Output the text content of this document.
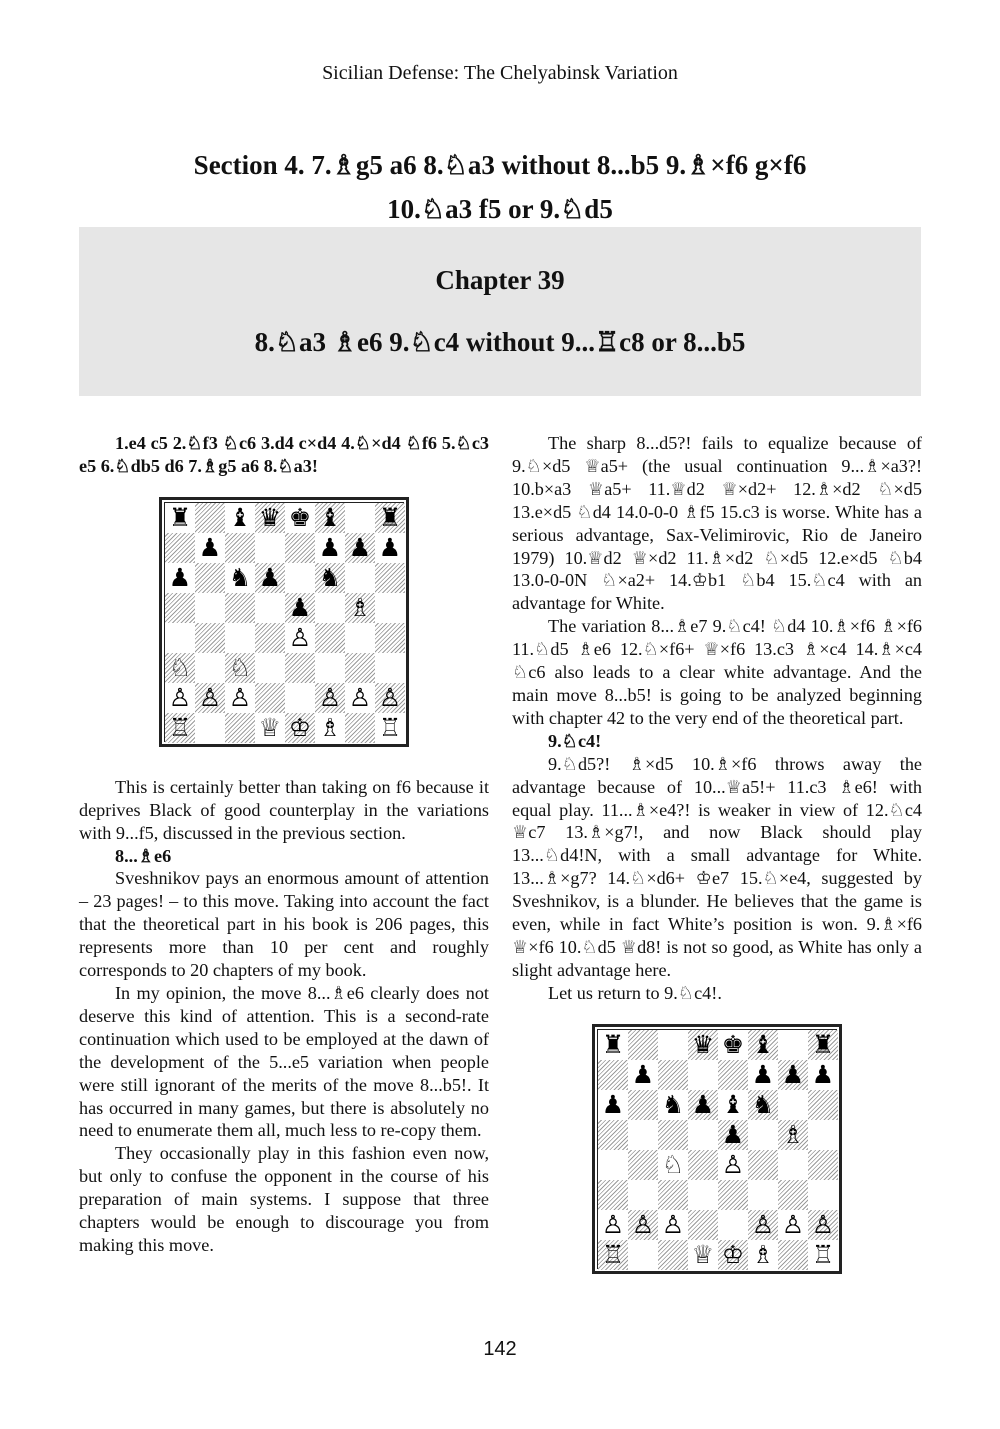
Sicilian Defense: The Chelyabinsk Variation
Section 4. 7.♗g5 a6 8.♘a3 without 8...b5 9.♗×f6 g×f6
10.♘a3 f5 or 9.♘d5
Chapter 39
8.♘a3 ♗e6 9.♘c4 without 9...♖c8 or 8...b5

1.e4 c5 2.♘f3 ♘c6 3.d4 c×d4 4.♘×d4 ♘f6 5.♘c3 e5 6.♘db5 d6 7.♗g5 a6 8.♘a3!

♜ ♝ ♛ ♚ ♝ ♜
♟	♟ ♟ ♟
♟ ♞ ♟ ♞
♟ ♗
♙
♘ ♘
♙ ♙ ♙	♙ ♙ ♙
♖	♕ ♔ ♗ ♖

This is certainly better than taking on f6 because it deprives Black of good counterplay in the variations with 9...f5, discussed in the previous section.

8...♗e6

Sveshnikov pays an enormous amount of attention – 23 pages! – to this move. Taking into account the fact that the theoretical part in his book is 206 pages, this represents more than 10 per cent and roughly corresponds to 20 chapters of my book.

In my opinion, the move 8...♗e6 clearly does not deserve this kind of attention. This is a second-rate continuation which used to be employed at the dawn of the development of the 5...e5 variation when people were still ignorant of the merits of the move 8...b5!. It has occurred in many games, but there is absolutely no need to enumerate them all, much less to re-copy them.

They occasionally play in this fashion even now, but only to confuse the opponent in the course of his preparation of main systems. I suppose that three chapters would be enough to discourage you from making this move.

The sharp 8...d5?! fails to equalize because of 9.♘×d5 ♕a5+ (the usual continuation 9...♗×a3?! 10.b×a3 ♕a5+ 11.♕d2 ♕×d2+ 12.♗×d2 ♘×d5 13.e×d5 ♘d4 14.0-0-0 ♗f5 15.c3 is worse. White has a serious advantage, Sax-Velimirovic, Rio de Janeiro 1979) 10.♕d2 ♕×d2 11.♗×d2 ♘×d5 12.e×d5 ♘b4 13.0-0-0N ♘×a2+ 14.♔b1 ♘b4 15.♘c4 with an advantage for White.

The variation 8...♗e7 9.♘c4! ♘d4 10.♗×f6 ♗×f6 11.♘d5 ♗e6 12.♘×f6+ ♕×f6 13.c3 ♗×c4 14.♗×c4 ♘c6 also leads to a clear white advantage. And the main move 8...b5! is going to be analyzed beginning with chapter 42 to the very end of the theoretical part.

9.♘c4!

9.♘d5?! ♗×d5 10.♗×f6 throws away the advantage because of 10...♕a5!+ 11.c3 ♗e6! with equal play. 11...♗×e4?! is weaker in view of 12.♘c4 ♕c7 13.♗×g7!, and now Black should play 13...♘d4!N, with a small advantage for White. 13...♗×g7? 14.♘×d6+ ♔e7 15.♘×e4, suggested by Sveshnikov, is a blunder. He believes that the game is even, while in fact White’s position is won. 9.♗×f6 ♕×f6 10.♘d5 ♕d8! is not so good, as White has only a slight advantage here.

Let us return to 9.♘c4!.

♜	♛ ♚ ♝ ♜
♟	♟ ♟ ♟
♟ ♞ ♟ ♝ ♞
♟ ♗
♘ ♙
♙ ♙ ♙	♙ ♙ ♙
♖	♕ ♔ ♗ ♖
142
